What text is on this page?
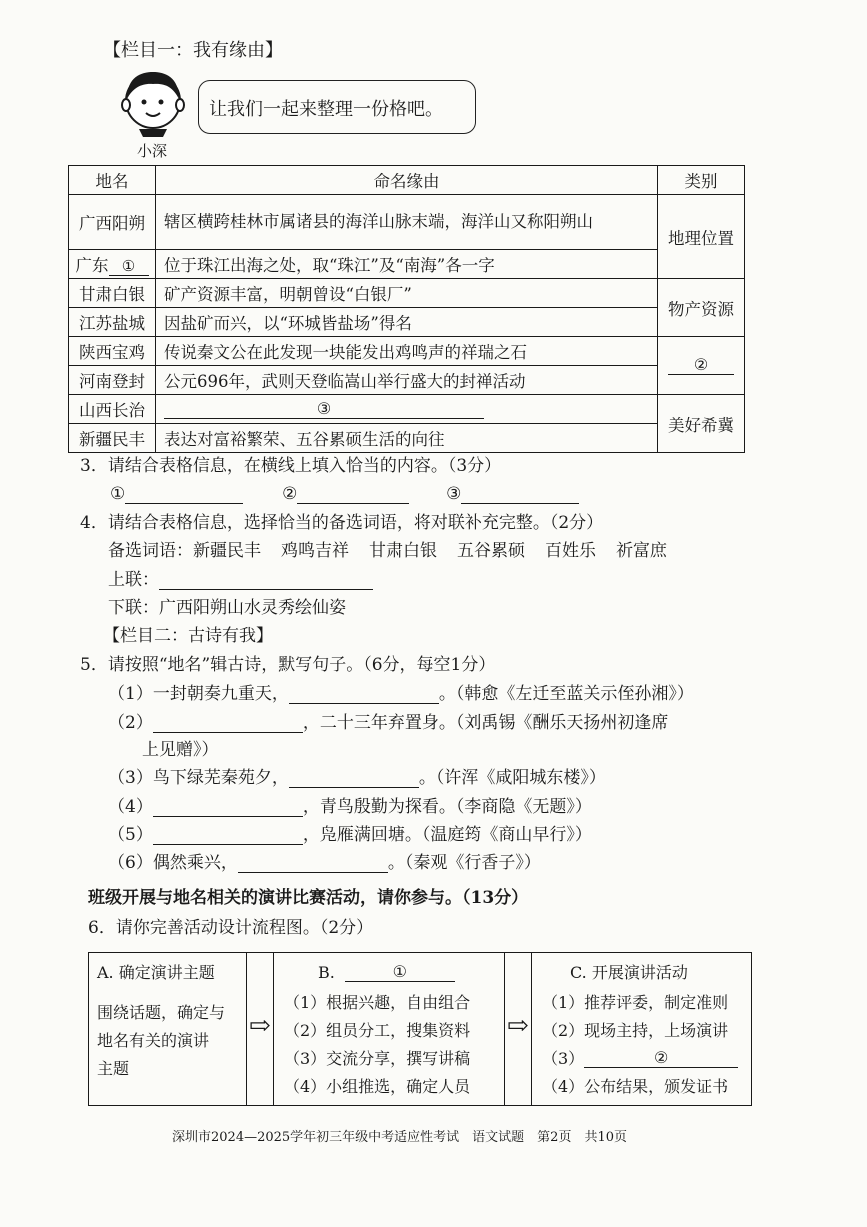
【栏目一：我有缘由】
小深
让我们一起来整理一份格吧。
地名	命名缘由	类别
广西阳朔	辖区横跨桂林市属诸县的海洋山脉末端，海洋山又称阳朔山	地理位置
广东 ①	位于珠江出海之处，取“珠江”及“南海”各一字	
甘肃白银	矿产资源丰富，明朝曾设“白银厂”	物产资源
江苏盐城	因盐矿而兴，以“环城皆盐场”得名	
陕西宝鸡	传说秦文公在此发现一块能发出鸡鸣声的祥瑞之石	②
河南登封	公元696年，武则天登临嵩山举行盛大的封禅活动	
山西长治	③	美好希冀
新疆民丰	表达对富裕繁荣、五谷累硕生活的向往	
3．请结合表格信息，在横线上填入恰当的内容。（3分）
①	②	③
4．请结合表格信息，选择恰当的备选词语，将对联补充完整。（2分）
备选词语：新疆民丰 鸡鸣吉祥 甘肃白银 五谷累硕 百姓乐 祈富庶
上联：
下联：广西阳朔山水灵秀绘仙姿
【栏目二：古诗有我】
5．请按照“地名”辑古诗，默写句子。（6分，每空1分）
（1）一封朝奏九重天，	。（韩愈《左迁至蓝关示侄孙湘》）
（2）	，二十三年弃置身。（刘禹锡《酬乐天扬州初逢席
上见赠》）
（3）鸟下绿芜秦苑夕，	。（许浑《咸阳城东楼》）
（4）	，青鸟殷勤为探看。（李商隐《无题》）
（5）	，凫雁满回塘。（温庭筠《商山早行》）
（6）偶然乘兴，	。（秦观《行香子》）
班级开展与地名相关的演讲比赛活动，请你参与。（13分）
6．请你完善活动设计流程图。（2分）
A. 确定演讲主题
围绕话题，确定与
地名有关的演讲
主题
⇨
B.	①
（1）根据兴趣，自由组合
（2）组员分工，搜集资料
（3）交流分享，撰写讲稿
（4）小组推选，确定人员
⇨
C. 开展演讲活动
（1）推荐评委，制定准则
（2）现场主持，上场演讲
（3）	②
（4）公布结果，颁发证书
深圳市2024—2025学年初三年级中考适应性考试　语文试题　第2页　共10页
